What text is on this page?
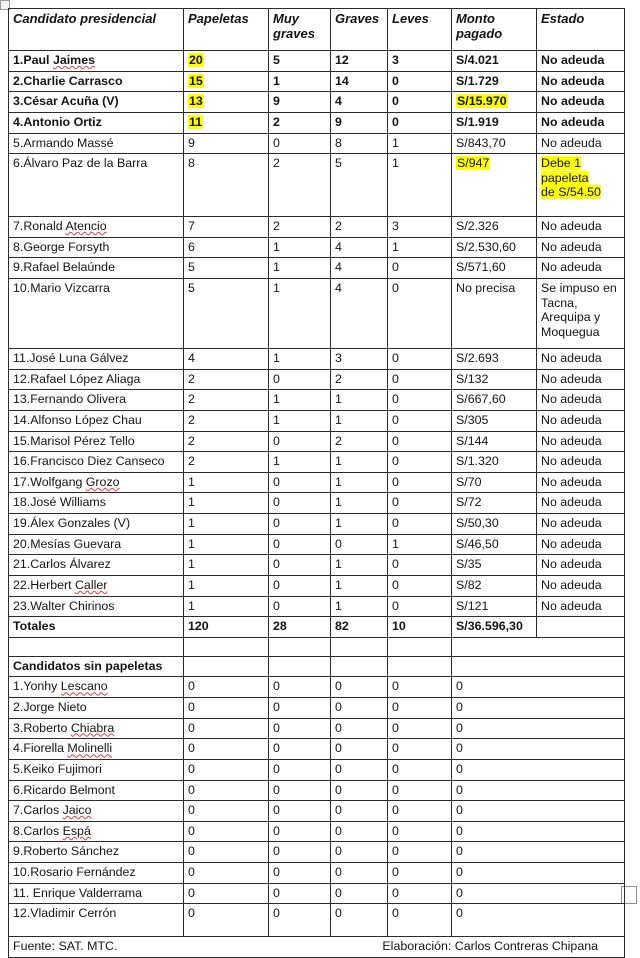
Candidato presidencial	Papeletas	Muy graves	Graves	Leves	Monto pagado	Estado
1.Paul Jaimes	20	5	12	3	S/4.021	No adeuda
2.Charlie Carrasco	15	1	14	0	S/1.729	No adeuda
3.César Acuña (V)	13	9	4	0	S/15.970	No adeuda
4.Antonio Ortiz	11	2	9	0	S/1.919	No adeuda
5.Armando Massé	9	0	8	1	S/843,70	No adeuda
6.Álvaro Paz de la Barra	8	2	5	1	S/947	Debe 1
papeleta
de S/54.50
7.Ronald Atencio	7	2	2	3	S/2.326	No adeuda
8.George Forsyth	6	1	4	1	S/2.530,60	No adeuda
9.Rafael Belaúnde	5	1	4	0	S/571,60	No adeuda
10.Mario Vizcarra	5	1	4	0	No precisa	Se impuso en Tacna, Arequipa y Moquegua
11.José Luna Gálvez	4	1	3	0	S/2.693	No adeuda
12.Rafael López Aliaga	2	0	2	0	S/132	No adeuda
13.Fernando Olivera	2	1	1	0	S/667,60	No adeuda
14.Alfonso López Chau	2	1	1	0	S/305	No adeuda
15.Marisol Pérez Tello	2	0	2	0	S/144	No adeuda
16.Francisco Diez Canseco	2	1	1	0	S/1.320	No adeuda
17.Wolfgang Grozo	1	0	1	0	S/70	No adeuda
18.José Williams	1	0	1	0	S/72	No adeuda
19.Álex Gonzales (V)	1	0	1	0	S/50,30	No adeuda
20.Mesías Guevara	1	0	0	1	S/46,50	No adeuda
21.Carlos Álvarez	1	0	1	0	S/35	No adeuda
22.Herbert Caller	1	0	1	0	S/82	No adeuda
23.Walter Chirinos	1	0	1	0	S/121	No adeuda
Totales	120	28	82	10	S/36.596,30	

Candidatos sin papeletas						
1.Yonhy Lescano	0	0	0	0	0	
2.Jorge Nieto	0	0	0	0	0	
3.Roberto Chiabra	0	0	0	0	0	
4.Fiorella Molinelli	0	0	0	0	0	
5.Keiko Fujimori	0	0	0	0	0	
6.Ricardo Belmont	0	0	0	0	0	
7.Carlos Jaico	0	0	0	0	0	
8.Carlos Espá	0	0	0	0	0	
9.Roberto Sánchez	0	0	0	0	0	
10.Rosario Fernández	0	0	0	0	0	
11. Enrique Valderrama	0	0	0	0	0	
12.Vladimir Cerrón	0	0	0	0	0	

Fuente: SAT. MTC. Elaboración: Carlos Contreras Chipana						
